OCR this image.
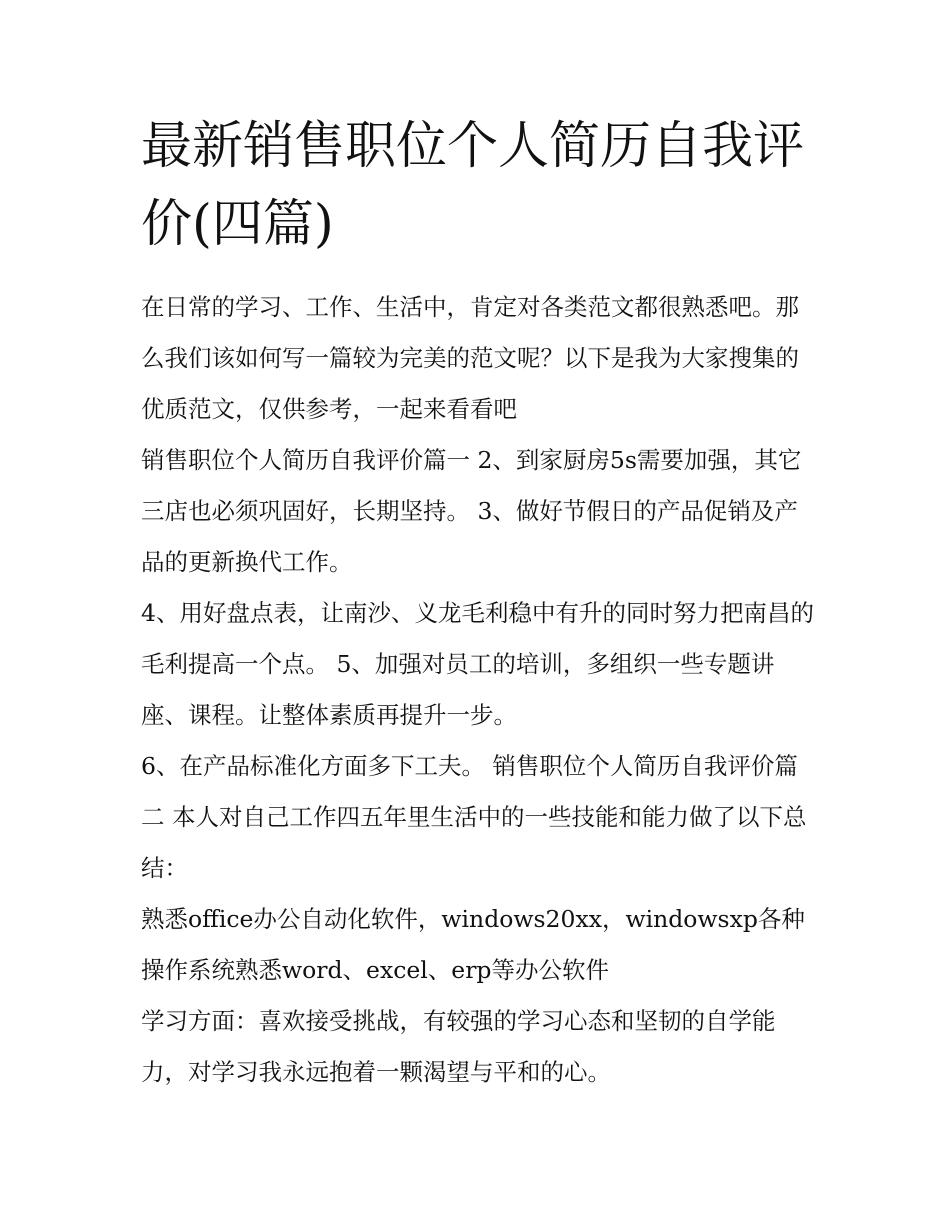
最新销售职位个人简历自我评价(四篇)

在日常的学习、工作、生活中，肯定对各类范文都很熟悉吧。那么我们该如何写一篇较为完美的范文呢？以下是我为大家搜集的优质范文，仅供参考，一起来看看吧

销售职位个人简历自我评价篇一 2、到家厨房5s需要加强，其它三店也必须巩固好，长期坚持。 3、做好节假日的产品促销及产品的更新换代工作。

4、用好盘点表，让南沙、义龙毛利稳中有升的同时努力把南昌的毛利提高一个点。 5、加强对员工的培训，多组织一些专题讲座、课程。让整体素质再提升一步。

6、在产品标准化方面多下工夫。 销售职位个人简历自我评价篇二 本人对自己工作四五年里生活中的一些技能和能力做了以下总结：

熟悉office办公自动化软件，windows20xx，windowsxp各种操作系统熟悉word、excel、erp等办公软件

学习方面：喜欢接受挑战，有较强的学习心态和坚韧的自学能力，对学习我永远抱着一颗渴望与平和的心。
